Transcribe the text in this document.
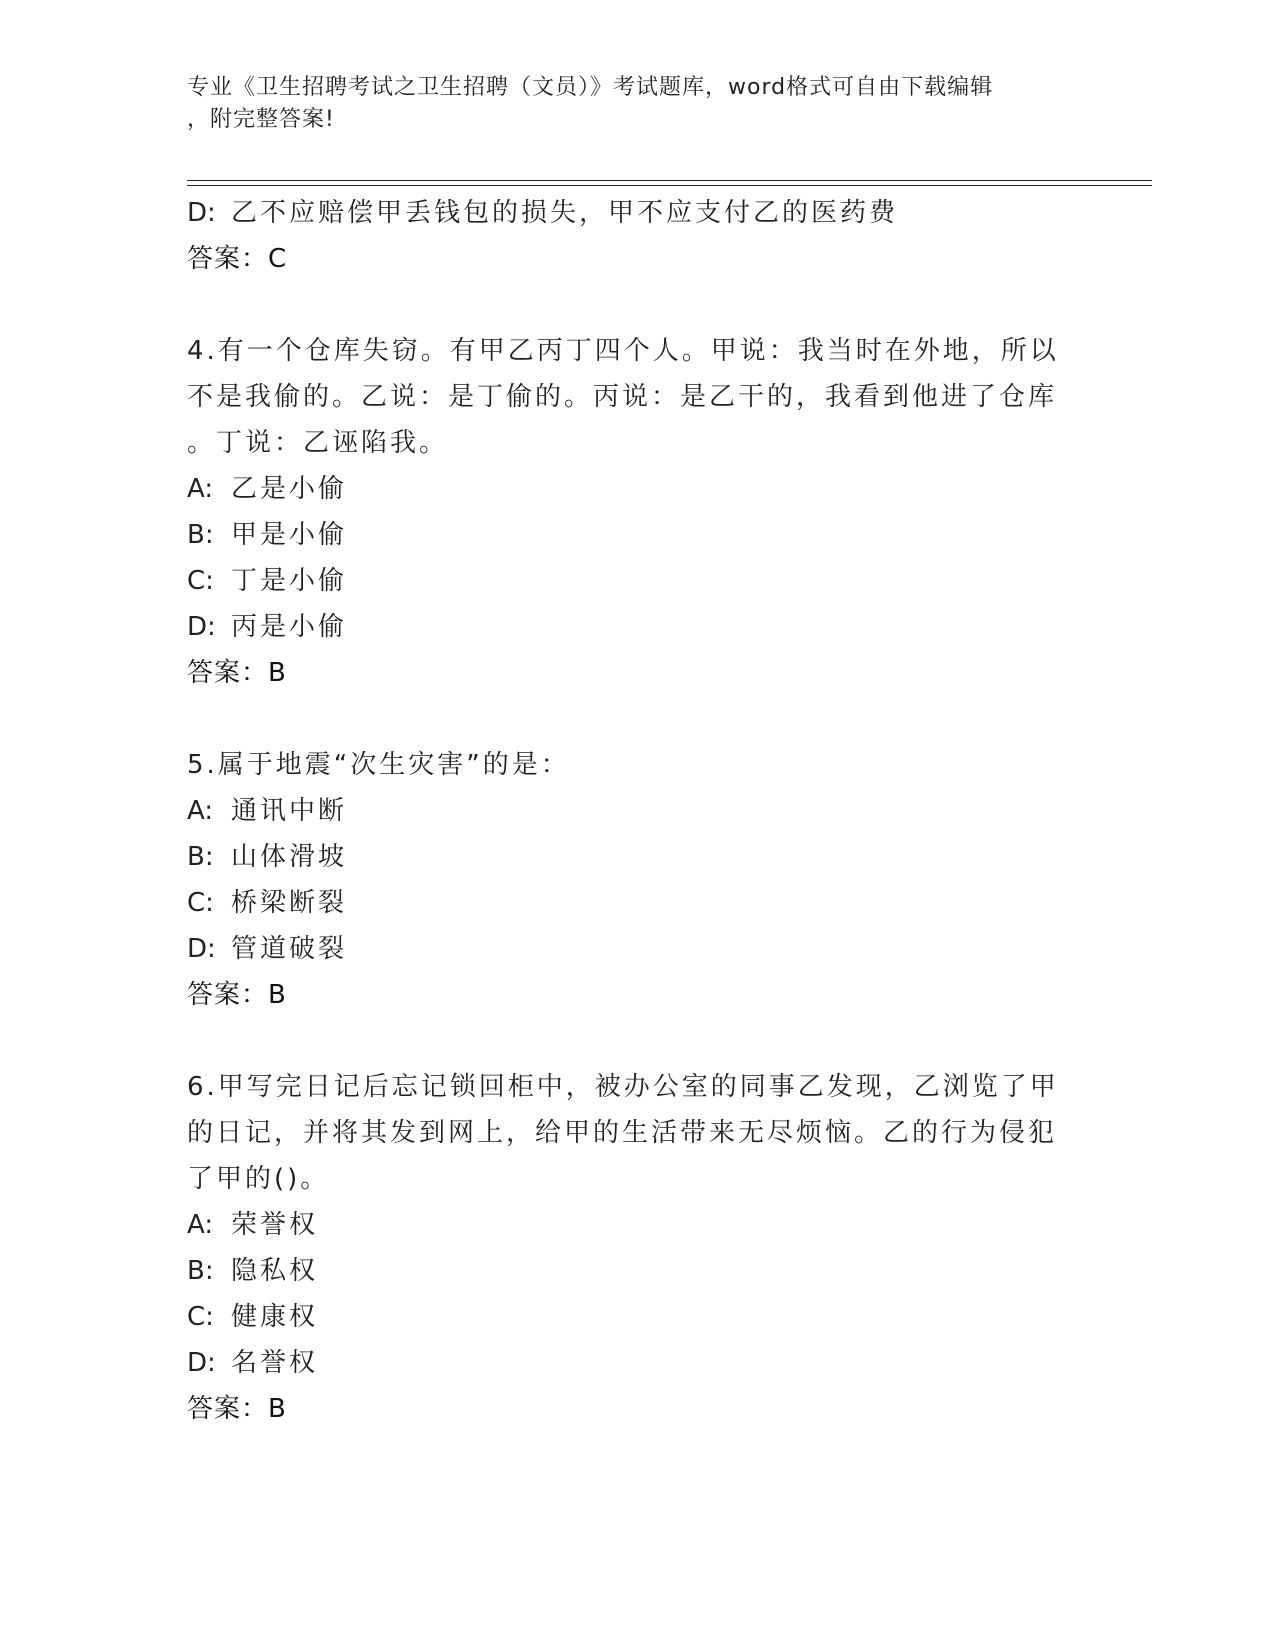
专业《卫生招聘考试之卫生招聘（文员）》考试题库，word格式可自由下载编辑
，附完整答案!
D: 乙不应赔偿甲丢钱包的损失，甲不应支付乙的医药费
答案：C
4.有一个仓库失窃。有甲乙丙丁四个人。甲说：我当时在外地，所以
不是我偷的。乙说：是丁偷的。丙说：是乙干的，我看到他进了仓库
。丁说：乙诬陷我。
A: 乙是小偷
B: 甲是小偷
C: 丁是小偷
D: 丙是小偷
答案：B
5.属于地震“次生灾害”的是：
A: 通讯中断
B: 山体滑坡
C: 桥梁断裂
D: 管道破裂
答案：B
6.甲写完日记后忘记锁回柜中，被办公室的同事乙发现，乙浏览了甲
的日记，并将其发到网上，给甲的生活带来无尽烦恼。乙的行为侵犯
了甲的()。
A: 荣誉权
B: 隐私权
C: 健康权
D: 名誉权
答案：B
